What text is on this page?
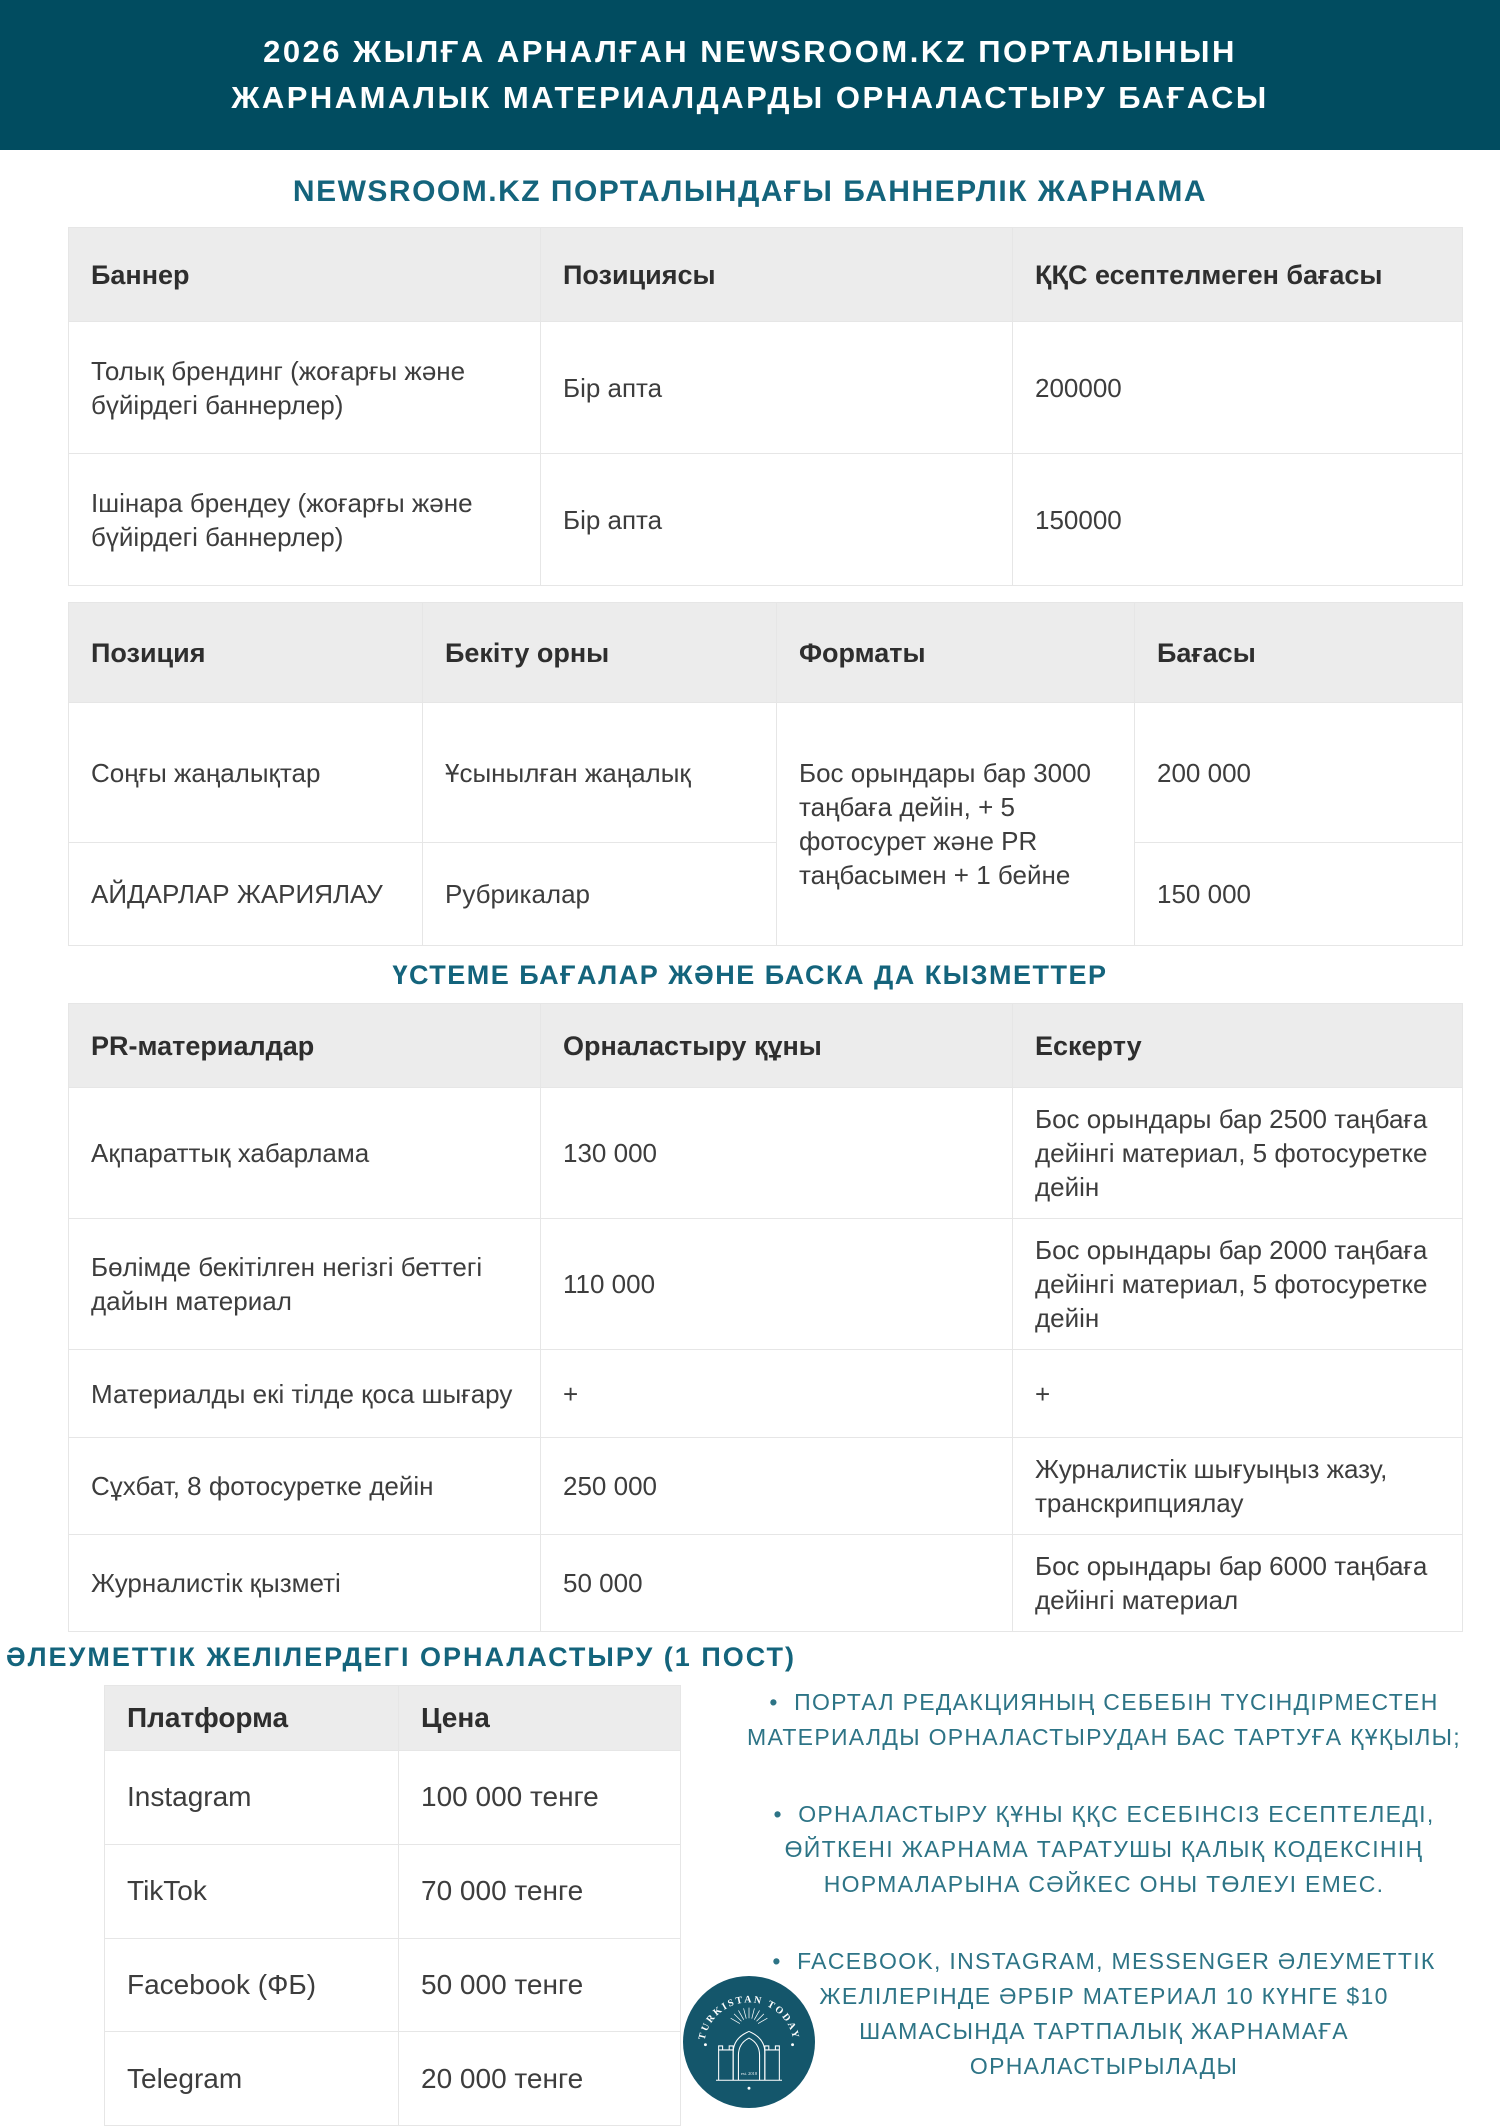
2026 ЖЫЛҒА АРНАЛҒАН NEWSROOM.KZ ПОРТАЛЫНЫН
ЖАРНАМАЛЫК МАТЕРИАЛДАРДЫ ОРНАЛАСТЫРУ БАҒАСЫ
NEWSROOM.KZ ПОРТАЛЫНДАҒЫ БАННЕРЛІК ЖАРНАМА
Баннер	Позициясы	ҚҚС есептелмеген бағасы
Толық брендинг (жоғарғы және бүйірдегі баннерлер)	Бір апта	200000
Ішінара брендеу (жоғарғы және бүйірдегі баннерлер)	Бір апта	150000
Позиция	Бекіту орны	Форматы	Бағасы
Соңғы жаңалықтар	Ұсынылған жаңалық	Бос орындары бар 3000 таңбаға дейін, + 5 фотосурет және PR таңбасымен + 1 бейне	200 000
АЙДАРЛАР ЖАРИЯЛАУ	Рубрикалар		150 000
ҮСТЕМЕ БАҒАЛАР ЖӘНЕ БАСКА ДА КЫЗМЕТТЕР
PR-материалдар	Орналастыру құны	Ескерту
Ақпараттық хабарлама	130 000	Бос орындары бар 2500 таңбаға дейінгі материал, 5 фотосуретке дейін
Бөлімде бекітілген негізгі беттегі дайын материал	110 000	Бос орындары бар 2000 таңбаға дейінгі материал, 5 фотосуретке дейін
Материалды екі тілде қоса шығару	+	+
Сұхбат, 8 фотосуретке дейін	250 000	Журналистік шығуыңыз жазу, транскрипциялау
Журналистік қызметі	50 000	Бос орындары бар 6000 таңбаға дейінгі материал
ӘЛЕУМЕТТІК ЖЕЛІЛЕРДЕГІ ОРНАЛАСТЫРУ (1 ПОСТ)
Платформа	Цена
Instagram	100 000 тенге
TikTok	70 000 тенге
Facebook (ФБ)	50 000 тенге
Telegram	20 000 тенге
•  ПОРТАЛ РЕДАКЦИЯНЫҢ СЕБЕБІН ТҮСІНДІРМЕСТЕН МАТЕРИАЛДЫ ОРНАЛАСТЫРУДАН БАС ТАРТУҒА ҚҰҚЫЛЫ;
•  ОРНАЛАСТЫРУ ҚҰНЫ ҚҚС ЕСЕБІНСІЗ ЕСЕПТЕЛЕДІ, ӨЙТКЕНІ ЖАРНАМА ТАРАТУШЫ ҚАЛЫҚ КОДЕКСІНІҢ НОРМАЛАРЫНА СӘЙКЕС ОНЫ ТӨЛЕУІ ЕМЕС.
•  FACEBOOK, INSTAGRAM, MESSENGER ӘЛЕУМЕТТІК ЖЕЛІЛЕРІНДЕ ӘРБІР МАТЕРИАЛ 10 КҮНГЕ $10 ШАМАСЫНДА ТАРТПАЛЫҚ ЖАРНАМАҒА ОРНАЛАСТЫРЫЛАДЫ
TURKISTAN TODAY
est. 2018
